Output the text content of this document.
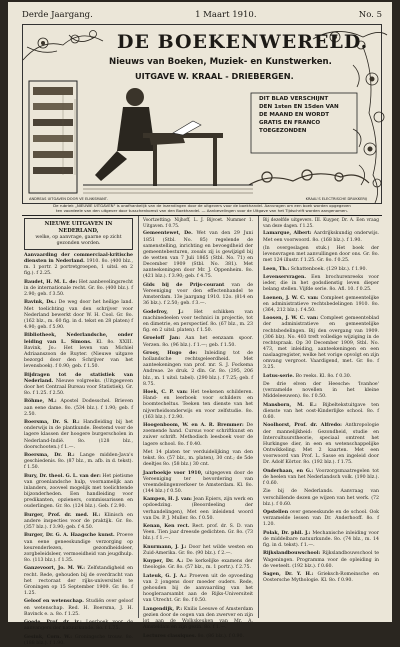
Derde Jaargang.	1 Maart 1910.	No. 5
DE BOEKENWERELD.
Nieuws van Boeken, Muziek- en Kunstwerken.
UITGAVE W. KRAAL - DRIEBERGEN.
DIT BLAD VERSCHIJNT
DEN 1sten EN 15den VAN
DE MAAND EN WORDT
GRATIS EN FRANCO
TOEGEZONDEN
ANDREAS UITGAVEN DOOR VE ELNKSMANT.	KRAAL'S ELECTRISCHE DRUKKERIJ
De rubriek „NIEUWE UITGAVEN" is onafhankelijk van de inzendingen door de uitgevers voor de boekhandel. Aanvragen om een boek worden opgegeven
ten voordeele van den uitgever door tusschenkomst van den Boekhandel. — Aanbevelingen voor de Uitgave van het Tijdschrift worden aangenomen.
NIEUWE UITGAVEN IN NEDERLAND,
welke, op aanvrage, gaarne op zicht gezonden worden.

Aanvaarding der commerciaal-kritische diensten in Nederland. 1910. 8o. (400 blz., m. 1 portr. 2 portretgroepen, 1 uitsl. en 2 fig.). f 2.25.

Baudet, H. M. L. de: Het aanbevelingsrecht in de internationale recht. Gr. 8o. (400 blz.). f 2.90; geb. f 3.50.

Bavink, Ds.: De weg door het heilige land. Met toelichting van den schrijver voor Nederland bewerkt door W. H. Cool. Gr. 8o. (162 blz., m. 60 fig. in d. tekst en 28 platen) f 4.90; geb. f 5.90.

Bibliotheek, Nederlandsche, onder leiding van L. Simons. Kl. 8o. XXIII. Bavink, Jo.: Het leven van Michiel Adriaanszoon de Ruyter. (Nieuwe uitgave bezorgd door den Schrijver van het levensboek). f 0.90; geb. f 1.50.

Bijdragen tot de statistiek van Nederland. Nieuwe volgreeks. (Uitgegeven door het Centraal Bureau voor Statistiek). Gr. 8o. f 1.25. f 2.50.

Böhme, M.: Apostel Dodesschel. Brieven aan eene dame. 8o. (534 blz.). f 1.90; geb. f 2.50.

Boersma, Dr. S. B.: Handleiding bij het onderwijs in de plantkunde. Bestemd voor de lagere klassen der hoogere burgerscholen in Nederland-Indië. 8o. (128 blz., doorschooten.) f 1.—.

Boersma, Dr. B.: Lange midden-Java's geschiedenis. 8o. (87 blz., m. afb. in d. tekst). f 1.50.

Bury, Dr. theol. G. L. van der: Het pietisme van groenlandsche hulp, voornamelijk aan inlanders, zooveel mogelijk met toelichtende bijzonderheden. Een handleiding voor predikanten, opzieners, commissarissen en ouderlingen. Gr. 8o. (124 blz.). Geb. f 2.90.

Burger, Prof. dr. med. H.: Klinisch en andere inspecties voor de praktijk. Gr. 8o. (357 blz.). f 3.90; geb. f 4.50.

Burger, Dr. G. A. Haagsche kunst. Proeve van eene geneeskundige verzorging op keurenderlezen, gezondheidsleer, zorgbeleidsleer, vermoeidheid van jeugdhulp. 8o. (113 blz.). f 1.35.

Ganzevoort, Jo. M. W.: Zelfstandigheid en recht. Rede, gehouden bij de overdracht van het rectoraat der rijks-universiteit te Groningen op 15 September 1909. Gr. 8o. f 1.25.

Geloof en wetenschap. Studiën over geloof en wetenschap. Red. H. Boersma, J. H. Bavinck e. a. 8o. f 1.25.

Goede, Prof. dr. ir.: Leerboek voor de aanvangers der natuurkunde. 8o. f 1.75.

Gesink, Corn. W.: Groningsche trouw. 8o. (188 blz.). f 1.90.

Voortzetting: Nijhoff, L. J. Bijvoet. Nummer 1. Uitgaven. f 0.75.

Gemeentewet, De. Wet van den 29 Juni 1851 (Stbl. No. 85) regelende de samenstelling, inrichting en bevoegdheid der gemeentebesturen, zooals zij is gewijzigd bij de wetten van 7 Juli 1865 (Stbl. No. 71) en December 1909 (Stbl. No. 381). Met aanteekeningen door Mr. J. Oppenheim. 8o. (421 blz.). f 3.90; geb. f 4.75.

Gids bij de Prijs-courant van de Vereeniging voor den effectenhandel te Amsterdam. 13e jaargang 1910. 12o. (814 en 36 blz.). f 2.50; geb. f 3.—.

Godefroy, J.: Het schikken van machinedeelen voor technici in projectie, tot en dimetrie, en perspectief. 8o. (67 blz., m. 23 fig. en 2 uitsl. platen). f 1.50.

Groeloff Jan: Aan het eenzaam spoor. Verzen. 8o. (96 blz.). f 1.—; geb. f 1.50.

Grooy, Hugo de: Inleiding tot de hollandsche rechtsgeleerdheid. Met aanteekeningen van prof. mr. S. J. Fockema Andreae. 2e druk. 2 dln. Gr. 8o. (295, 206 blz., m. 1 uitsl. tabel). (290 blz.). f 7.25; geb. f 8.75.

Hoek, C. P. van: Het teekenen schilderen. Hand- en leerboek voor schilders en boomtecheltus. Teeken ten dienste van het nijverheidsonderwijs en voor zelfstudie. 8o. (163 blz.). f 2.90.

Hoogenboom, W. en A. R. Bremmer: De zoemende hand. Cursus voor schriftkunst en zuiver schrift. Methodisch leesboek voor de lagere school. 8o. f 0.40.

Met 14 platen ter verduidelijking van den tekst. 8o. (57 blz., m. platen), 30 cnt.; de 5de deeltjes 8o. (58 blz.) 30 cnt.

Jaarboekje voor 1910, uitgegeven door de Vereeniging ter bevordering van vreemdelingenverkeer te Amsterdam. Kl. 8o. (144 blz.) f 0.50.

Kampen, H. J. van: Jean Epiers, zijn werk en opdoedzing. (Beoordeeling der verhandelingen), Met een inleidend woord van Ds. P. J. Muller. 8o. f 0.50.

Kenan, Ken rect. Rect. prof. dr. S. D. van Veen. Tien jaar dreesde gedichten. Gr. 8o. (73 blz.). f 1.—.

Knurmann, J. J.: Door het wilde westen en Zuid-Amerika. Gr. 8o. (90 blz.). f 2.—.

Kuyper, Dr. A.: De kerkelijke examens der theologie. Gr. 8o. (57 blz., m. 1 portr.). f 2.75.

Lateuk, G. J. A.: Proeven uit de opvoeding van 2 jongens door moeder ouders. Rede, gehouden bij de aanvaarding van het hoogleraarsambt aan de Rijks-Universiteit van Utrecht. Gr. 8o. f 0.50.

Langendijk, P.: Knilis Leeuwe of Amsterdam gezien door de oogen van den zwerver en zijn lot aan de Wolkskeuken van Mr. A. Amsteldam en zijn gezin. 8o. f 1.—.

Lectures classiques. 8o. (86 blz.). f 0.90.

Bij dezelfde uitgevers. III. Kuyper, Dr. A. Een vraag van deze dagen. f 1.25.

Lamarque, Albert: Aardrijkskundig onderwijs. Met een voorwoord. 8o. (168 blz.). f 1.90.

(In overgeslagen stuk.) Het boek der levensvragen met aanvullingen door ons. Gr. 8o. met 124 illustr. f 1.25. Gr. 8o. f 0.25.

Leen, Th.: Schattenboek. (129 blz.). f 1.90.

Levenservragen. Een brochurenreeks voor ieder, die in het godsdienstig leven dieper belang stellen. Vijfde serie. 8o. Afl. 10. f 0.25.

Loenen, J. W. C. van: Compleet gemeentelijke en administratieve rechtsbedelingen 1910. 8o. (364, 212 blz.). f 4.50.

Loosen, J. W. C. van: Compleet gemeenteblad der administratieve en gemeentelijke rechtsbedelingen. Bij den overgang van 1909. (306 blz). No. 403 treft volledige wijziging in de rechtspraak. Op 30 December 1909, Stbl. No. 473, met inleiding, aanteekeningen en een naslaagregister, welke het vorige opvolgt en zijn omvang vergroot. Vaardigend, met. Gr. 8o. f 3.25.

Lotus-serie. Bo reeks. Kl. 8o. f 0.30.

De drie elven der Heesche: 'Ivanhoe' (verzamelde novellen in het kleine Middeleeuwen). 8o. f 0.50.

Mansborn, M. E.: Bijbeltekstuitgave ten dienste van het oost-Kinderlijke school. 8o. f 0.60.

Noolhorst, Prof. dr. Alfredo: Anthropologie der mannelijkheid: Gezondheid, studie en Intercultuurstheorie, speciaal omtrent het Hurkingse dier, in een en wetenschappelijke Ontwikkeling. Met 2 kaarten. Met een voorwoord van Prof. L. Sasse en ingeleid door Dr. Adolf Körtor. 8o. (192 blz.). f 1.75.

Onderhaan, en G.: Voorzorgsmaatregelen tot de heelen van het Nederlandsch volk. (190 blz.). f 0.60.

Zie bij de Nederlands. Aanvraag van verschillende dezen ge wijzen van het werk. (72 blz.). f 0.60.

Opstellen over geneeskunde en de school. Ook verzamelde lessen van Dr. Anderhooff. 8o. f 1.20.

Polak, Dr. phil. J.: Mechanische inleiding voor de middelbare natuurkunde. 8o. (74 blz., m. 14 fig. in d. tekst). f 1.—.

Rijkslandbouwschool: Rijkslandbouwschool te Wageningen. Programma voor de opleiding in de veeteelt. (192 blz.). f 0.60.

Sagen, Dr. Y. H.: Grieksch-Romeinsche en Oostersche Mythologie. Kl. 8o. f 0.90.
